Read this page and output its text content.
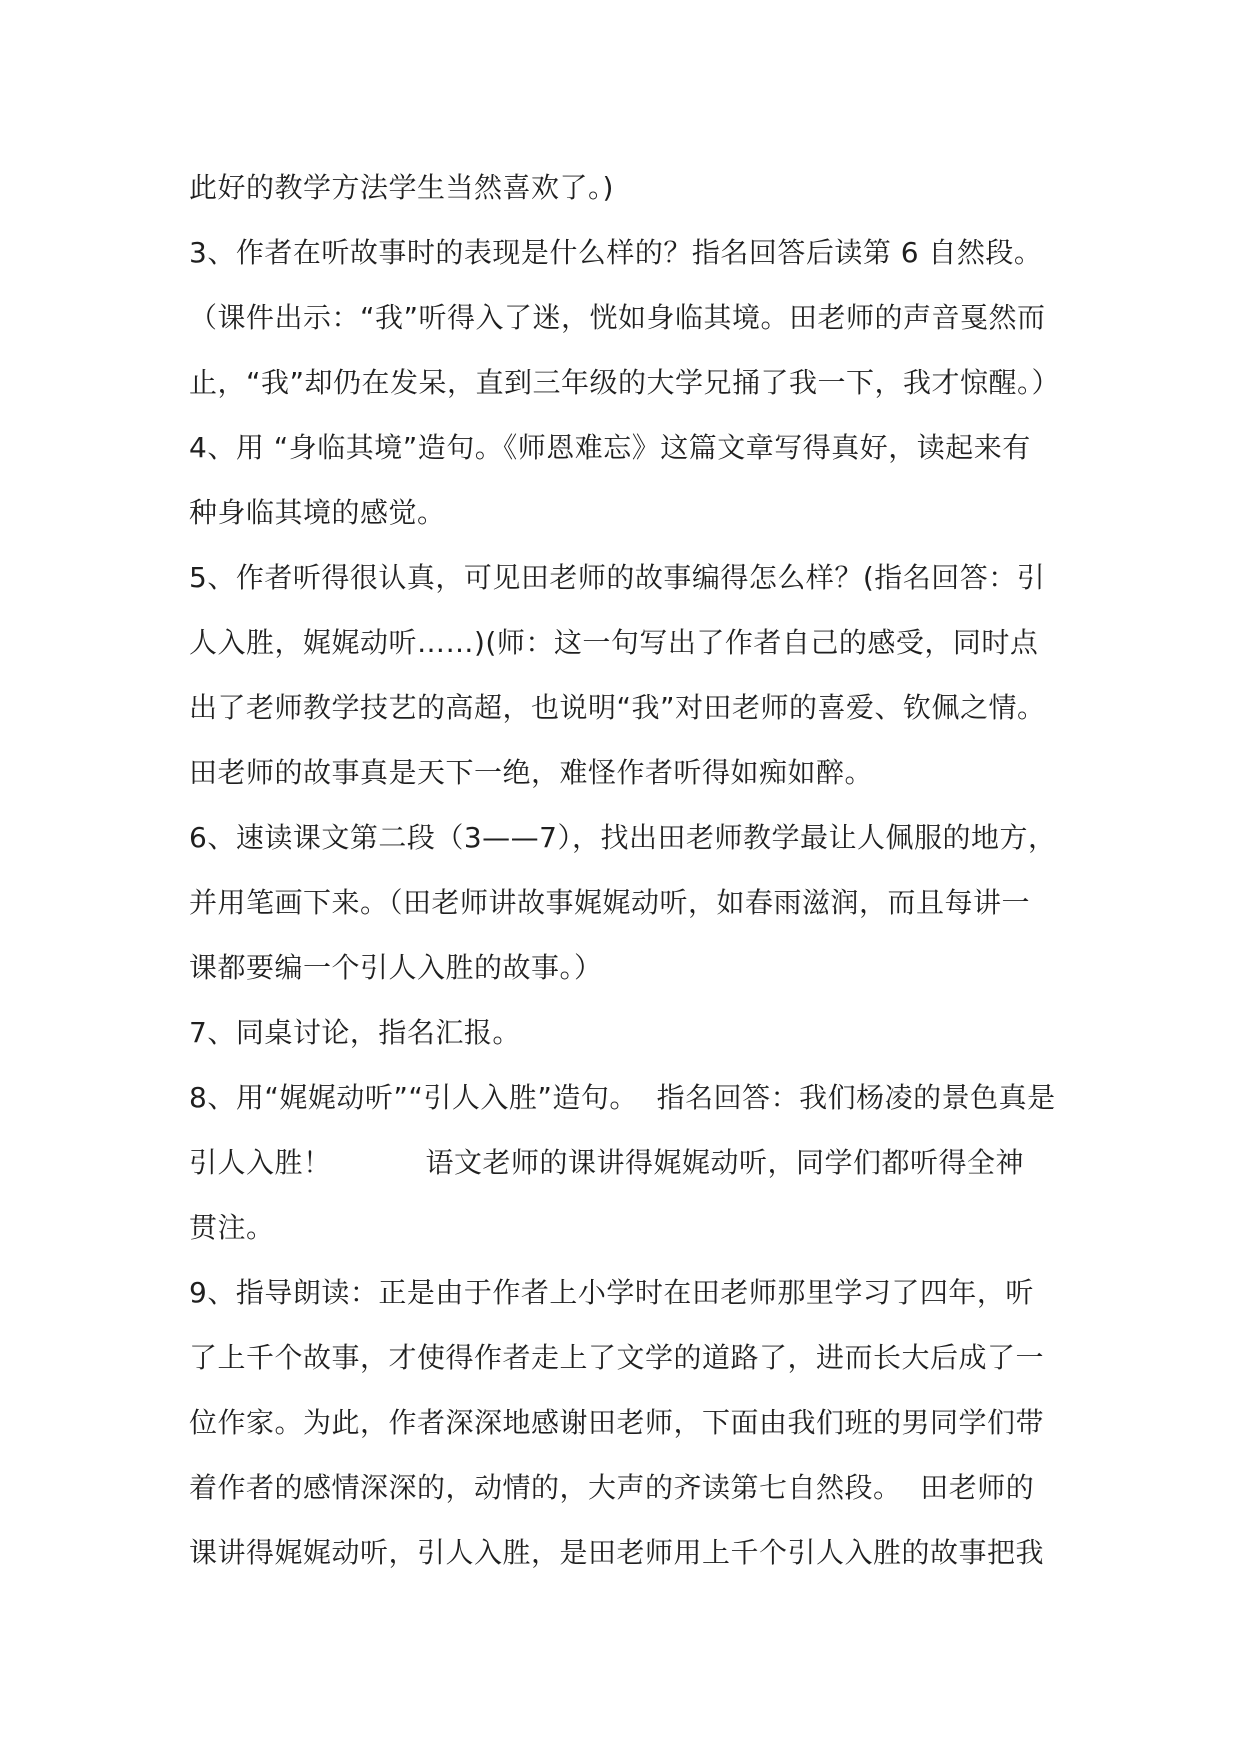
此好的教学方法学生当然喜欢了。)
3、作者在听故事时的表现是什么样的？指名回答后读第 6 自然段。
（课件出示：“我”听得入了迷，恍如身临其境。田老师的声音戛然而
止，“我”却仍在发呆，直到三年级的大学兄捅了我一下，我才惊醒。）
4、用 “身临其境”造句。《师恩难忘》这篇文章写得真好，读起来有
种身临其境的感觉。
5、作者听得很认真，可见田老师的故事编得怎么样？(指名回答：引
人入胜，娓娓动听……)(师：这一句写出了作者自己的感受，同时点
出了老师教学技艺的高超，也说明“我”对田老师的喜爱、钦佩之情。
田老师的故事真是天下一绝，难怪作者听得如痴如醉。
6、速读课文第二段（3——7），找出田老师教学最让人佩服的地方，
并用笔画下来。（田老师讲故事娓娓动听，如春雨滋润，而且每讲一
课都要编一个引人入胜的故事。）
7、同桌讨论，指名汇报。
8、用“娓娓动听”“引人入胜”造句。  指名回答：我们杨凌的景色真是
引人入胜！          语文老师的课讲得娓娓动听，同学们都听得全神
贯注。
9、指导朗读：正是由于作者上小学时在田老师那里学习了四年，听
了上千个故事，才使得作者走上了文学的道路了，进而长大后成了一
位作家。为此，作者深深地感谢田老师，下面由我们班的男同学们带
着作者的感情深深的，动情的，大声的齐读第七自然段。  田老师的
课讲得娓娓动听，引人入胜，是田老师用上千个引人入胜的故事把我
